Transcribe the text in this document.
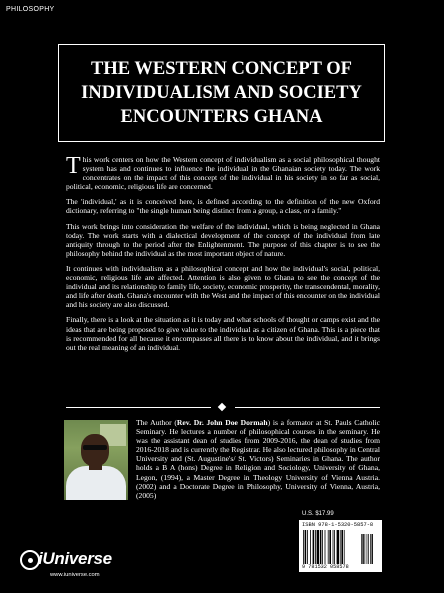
PHILOSOPHY
THE WESTERN CONCEPT OF
INDIVIDUALISM AND SOCIETY
ENCOUNTERS GHANA

This work centers on how the Western concept of individualism as a social philosophical thought system has and continues to influence the individual in the Ghanaian society today. The work concentrates on the impact of this concept of the individual in his society in so far as social, political, economic, religious life are concerned.

The 'individual,' as it is conceived here, is defined according to the definition of the new Oxford dictionary, referring to "the single human being distinct from a group, a class, or a family."

This work brings into consideration the welfare of the individual, which is being neglected in Ghana today. The work starts with a dialectical development of the concept of the individual from late antiquity through to the period after the Enlightenment. The purpose of this chapter is to see the philosophy behind the individual as the most important object of nature.

It continues with individualism as a philosophical concept and how the individual's social, political, economic, religious life are affected. Attention is also given to Ghana to see the concept of the individual and its relationship to family life, society, economic prosperity, the transcendental, morality, and life after death. Ghana's encounter with the West and the impact of this encounter on the individual and his society are also discussed.

Finally, there is a look at the situation as it is today and what schools of thought or camps exist and the ideas that are being proposed to give value to the individual as a citizen of Ghana. This is a piece that is recommended for all because it encompasses all there is to know about the individual, and it brings out the real meaning of an individual.

The Author (Rev. Dr. John Doe Dormah) is a formator at St. Pauls Catholic Seminary. He lectures a number of philosophical courses in the seminary. He was the assistant dean of studies from 2009-2016, the dean of studies from 2016-2018 and is currently the Registrar. He also lectured philosophy in Central University and (St. Augustine's/ St. Victors) Seminaries in Ghana. The author holds a B A (hons) Degree in Religion and Sociology, University of Ghana, Legon, (1994), a Master Degree in Theology University of Vienna Austria.(2002) and a Doctorate Degree in Philosophy, University of Vienna, Austria, (2005)
U.S. $17.99
ISBN 978-1-5320-5857-8
9 781532 058578
iUniverse
www.iuniverse.com
